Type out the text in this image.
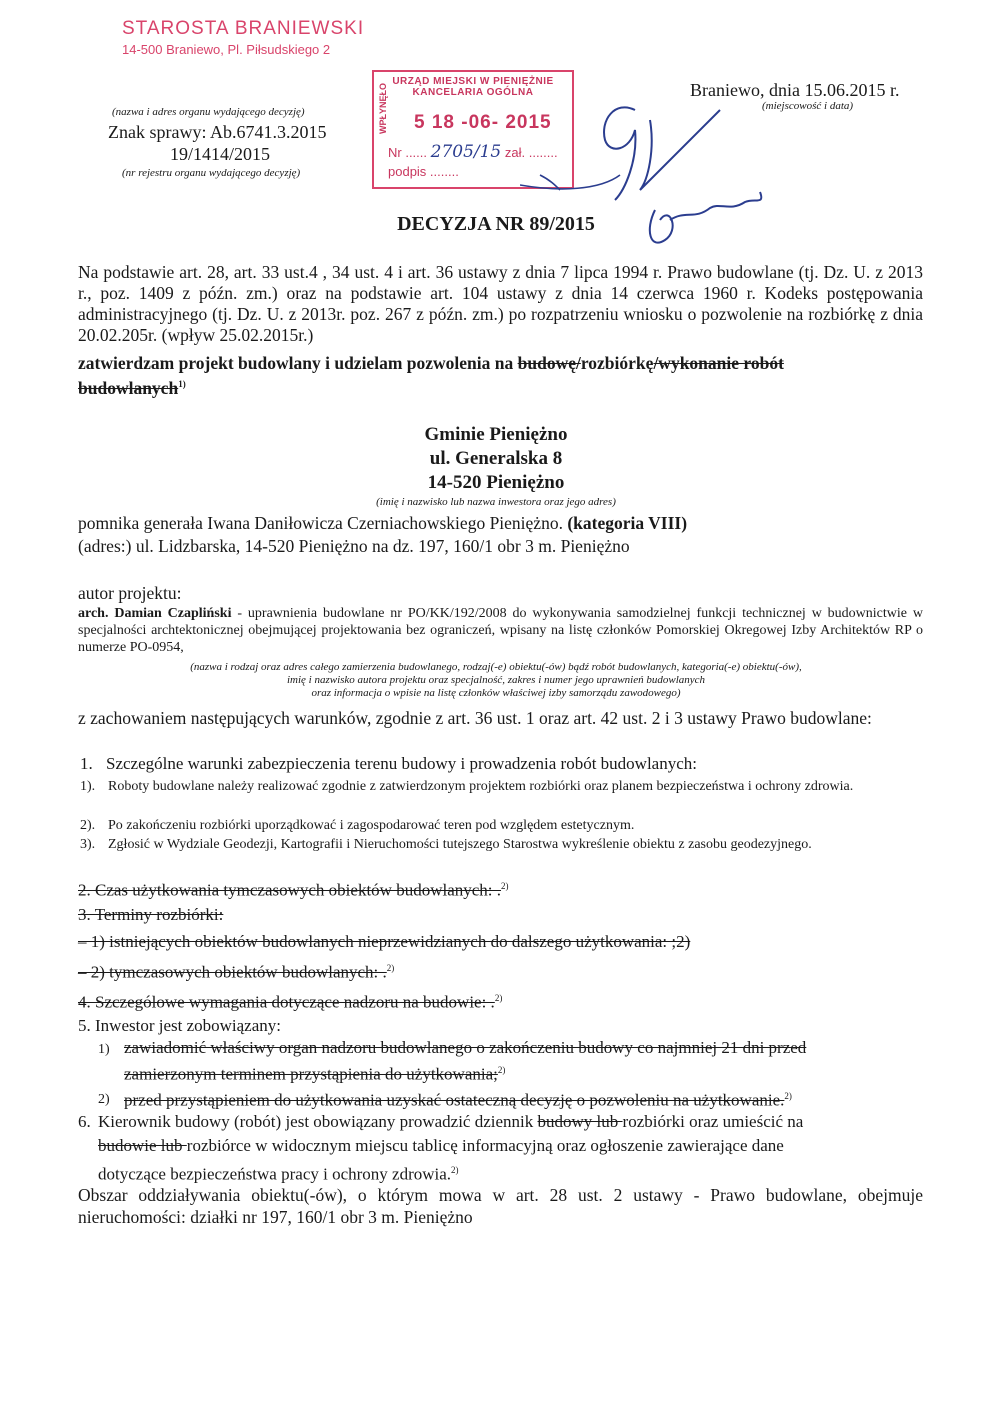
STAROSTA BRANIEWSKI
14-500 Braniewo, Pl. Piłsudskiego 2
(nazwa i adres organu wydającego decyzję)
Znak sprawy: Ab.6741.3.2015
19/1414/2015
(nr rejestru organu wydającego decyzję)
URZĄD MIEJSKI W PIENIĘŻNIE
KANCELARIA OGÓLNA
WPŁYNĘŁO 5 18 -06- 2015
Nr ...... 2705/15 zał. ........
podpis ........
Braniewo, dnia 15.06.2015 r.
(miejscowość i data)
DECYZJA NR 89/2015
Na podstawie art. 28, art. 33 ust.4 , 34 ust. 4 i art. 36 ustawy z dnia 7 lipca 1994 r. Prawo budowlane (tj. Dz. U. z 2013 r., poz. 1409 z późn. zm.) oraz na podstawie art. 104 ustawy z dnia 14 czerwca 1960 r. Kodeks postępowania administracyjnego (tj. Dz. U. z 2013r. poz. 267 z późn. zm.) po rozpatrzeniu wniosku o pozwolenie na rozbiórkę z dnia 20.02.205r. (wpływ 25.02.2015r.)
zatwierdzam projekt budowlany i udzielam pozwolenia na budowę/rozbiórkę/wykonanie robót
budowlanych$^{1)}$
Gminie Pieniężno
ul. Generalska 8
14-520 Pieniężno
(imię i nazwisko lub nazwa inwestora oraz jego adres)
pomnika generała Iwana Daniłowicza Czerniachowskiego Pieniężno. (kategoria VIII)
(adres:) ul. Lidzbarska, 14-520 Pieniężno na dz. 197, 160/1 obr 3 m. Pieniężno
autor projektu:
arch. Damian Czapliński - uprawnienia budowlane nr PO/KK/192/2008 do wykonywania samodzielnej funkcji technicznej w budownictwie w specjalności archtektonicznej obejmującej projektowania bez ograniczeń, wpisany na listę członków Pomorskiej Okregowej Izby Architektów RP o numerze PO-0954,
(nazwa i rodzaj oraz adres całego zamierzenia budowlanego, rodzaj(-e) obiektu(-ów) bądź robót budowlanych, kategoria(-e) obiektu(-ów),
imię i nazwisko autora projektu oraz specjalność, zakres i numer jego uprawnień budowlanych
oraz informacja o wpisie na listę członków właściwej izby samorządu zawodowego)
z zachowaniem następujących warunków, zgodnie z art. 36 ust. 1 oraz art. 42 ust. 2 i 3 ustawy Prawo budowlane:
1. Szczególne warunki zabezpieczenia terenu budowy i prowadzenia robót budowlanych:
1). Roboty budowlane należy realizować zgodnie z zatwierdzonym projektem rozbiórki oraz planem bezpieczeństwa i ochrony zdrowia.
2). Po zakończeniu rozbiórki uporządkować i zagospodarować teren pod względem estetycznym.
3). Zgłosić w Wydziale Geodezji, Kartografii i Nieruchomości tutejszego Starostwa wykreślenie obiektu z zasobu geodezyjnego.
2. Czas użytkowania tymczasowych obiektów budowlanych: .$^{2)}$
3. Terminy rozbiórki:
– 1) istniejących obiektów budowlanych nieprzewidzianych do dalszego użytkowania: ;2)
– 2) tymczasowych obiektów budowlanych: .$^{2)}$
4. Szczególowe wymagania dotyczące nadzoru na budowie: .$^{2)}$
5. Inwestor jest zobowiązany:
1) zawiadomić właściwy organ nadzoru budowlanego o zakończeniu budowy co najmniej 21 dni przed
zamierzonym terminem przystąpienia do użytkowania;$^{2)}$
2) przed przystąpieniem do użytkowania uzyskać ostateczną decyzję o pozwoleniu na użytkowanie.$^{2)}$
6. Kierownik budowy (robót) jest obowiązany prowadzić dziennik budowy lub rozbiórki oraz umieścić na
budowie lub rozbiórce w widocznym miejscu tablicę informacyjną oraz ogłoszenie zawierające dane
dotyczące bezpieczeństwa pracy i ochrony zdrowia.$^{2)}$
Obszar oddziaływania obiektu(-ów), o którym mowa w art. 28 ust. 2 ustawy - Prawo budowlane, obejmuje nieruchomości: działki nr 197, 160/1 obr 3 m. Pieniężno
